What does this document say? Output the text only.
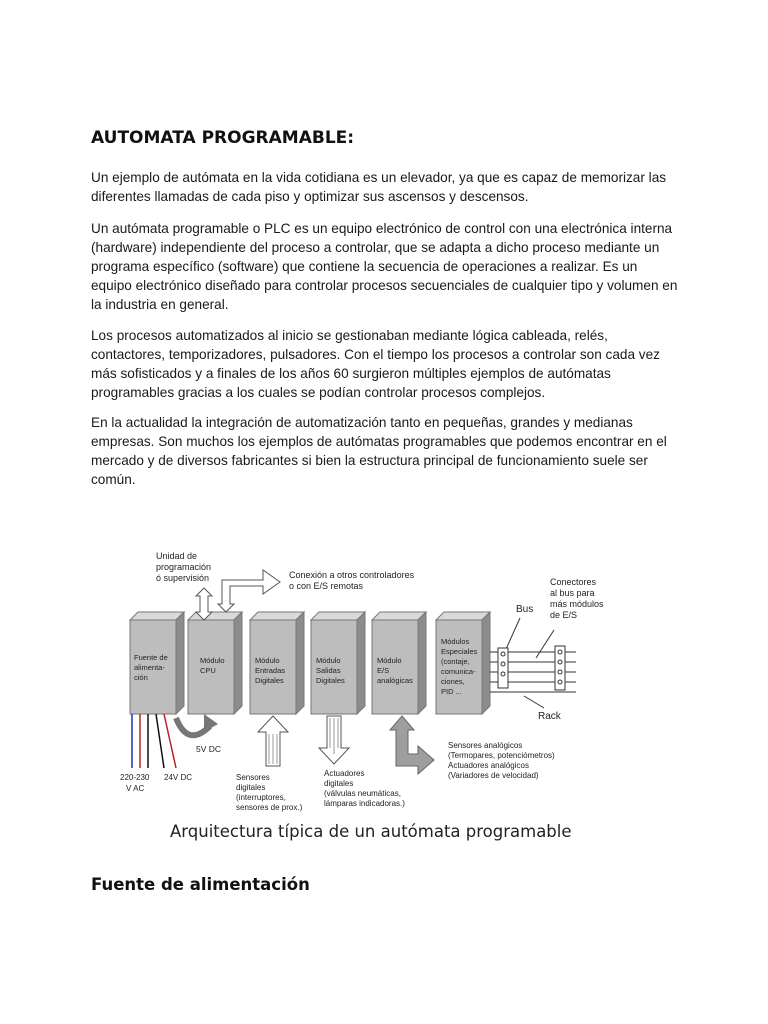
AUTOMATA PROGRAMABLE:

Un ejemplo de autómata en la vida cotidiana es un elevador, ya que es capaz de memorizar las diferentes llamadas de cada piso y optimizar sus ascensos y descensos.

Un autómata programable o PLC es un equipo electrónico de control con una electrónica interna (hardware) independiente del proceso a controlar, que se adapta a dicho proceso mediante un programa específico (software) que contiene la secuencia de operaciones a realizar. Es un equipo electrónico diseñado para controlar procesos secuenciales de cualquier tipo y volumen en la industria en general.

Los procesos automatizados al inicio se gestionaban mediante lógica cableada, relés, contactores, temporizadores, pulsadores. Con el tiempo los procesos a controlar son cada vez más sofisticados y a finales de los años 60 surgieron múltiples ejemplos de autómatas programables gracias a los cuales se podían controlar procesos complejos.

En la actualidad la integración de automatización tanto en pequeñas, grandes y medianas empresas. Son muchos los ejemplos de autómatas programables que podemos encontrar en el mercado y de diversos fabricantes si bien la estructura principal de funcionamiento suele ser común.

Fuente de alimenta- ción
Módulo CPU
Módulo Entradas Digitales
Módulo Salidas Digitales
Módulo E/S analógicas
Módulos Especiales (contaje, comunica- ciones, PID ...
Unidad de programación ó supervisión	Conexión a otros controladores o con E/S remotas	Conectores al bus para más módulos de E/S
Bus
Rack
5V DC
220-230 V AC
24V DC	Sensores digitales (interruptores, sensores de prox.)
Actuadores digitales (válvulas neumáticas, lámparas indicadoras.)
Sensores analógicos (Termopares, potenciómetros) Actuadores analógicos (Variadores de velocidad)

Arquitectura típica de un autómata programable

Fuente de alimentación
